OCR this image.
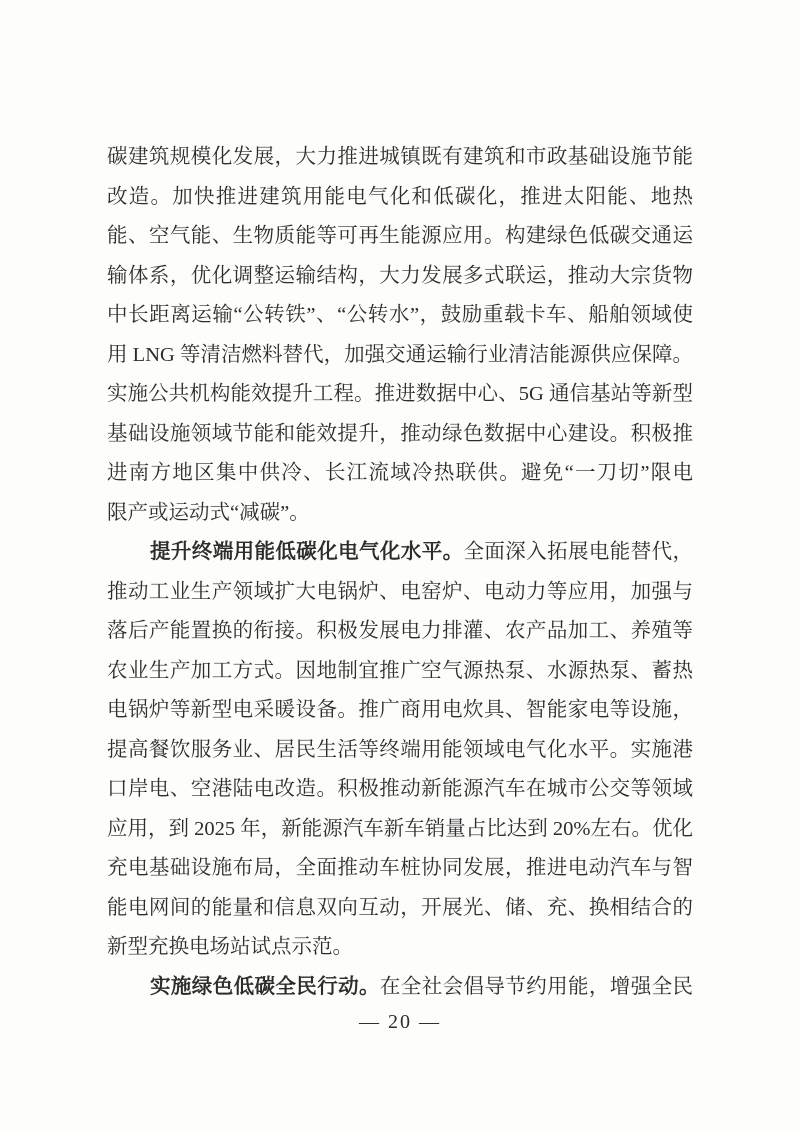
碳建筑规模化发展，大力推进城镇既有建筑和市政基础设施节能
改造。加快推进建筑用能电气化和低碳化，推进太阳能、地热
能、空气能、生物质能等可再生能源应用。构建绿色低碳交通运
输体系，优化调整运输结构，大力发展多式联运，推动大宗货物
中长距离运输“公转铁”、“公转水”，鼓励重载卡车、船舶领域使
用 LNG 等清洁燃料替代，加强交通运输行业清洁能源供应保障。
实施公共机构能效提升工程。推进数据中心、5G 通信基站等新型
基础设施领域节能和能效提升，推动绿色数据中心建设。积极推
进南方地区集中供冷、长江流域冷热联供。避免“一刀切”限电
限产或运动式“减碳”。
提升终端用能低碳化电气化水平。全面深入拓展电能替代，
推动工业生产领域扩大电锅炉、电窑炉、电动力等应用，加强与
落后产能置换的衔接。积极发展电力排灌、农产品加工、养殖等
农业生产加工方式。因地制宜推广空气源热泵、水源热泵、蓄热
电锅炉等新型电采暖设备。推广商用电炊具、智能家电等设施，
提高餐饮服务业、居民生活等终端用能领域电气化水平。实施港
口岸电、空港陆电改造。积极推动新能源汽车在城市公交等领域
应用，到 2025 年，新能源汽车新车销量占比达到 20%左右。优化
充电基础设施布局，全面推动车桩协同发展，推进电动汽车与智
能电网间的能量和信息双向互动，开展光、储、充、换相结合的
新型充换电场站试点示范。
实施绿色低碳全民行动。在全社会倡导节约用能，增强全民
— 20 —
